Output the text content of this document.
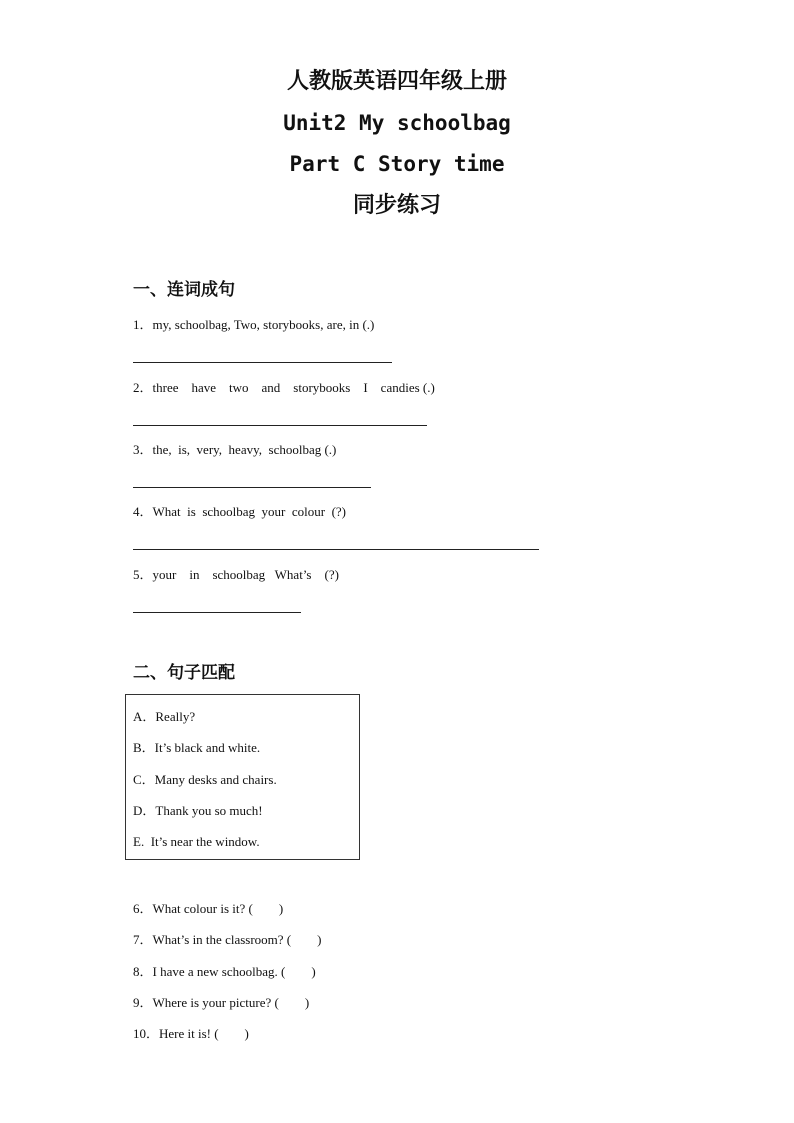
人教版英语四年级上册
Unit2 My schoolbag
Part C Story time
同步练习
一、连词成句
1．my, schoolbag, Two, storybooks, are, in (.)
2．three    have    two    and    storybooks    I    candies (.)
3．the,  is,  very,  heavy,  schoolbag (.)
4．What  is  schoolbag  your  colour  (?)
5．your    in    schoolbag   What’s    (?)
二、句子匹配
A．Really?
B．It’s black and white.
C．Many desks and chairs.
D．Thank you so much!
E.  It’s near the window.
6．What colour is it? (        )
7．What’s in the classroom? (        )
8．I have a new schoolbag. (        )
9．Where is your picture? (        )
10．Here it is! (        )
